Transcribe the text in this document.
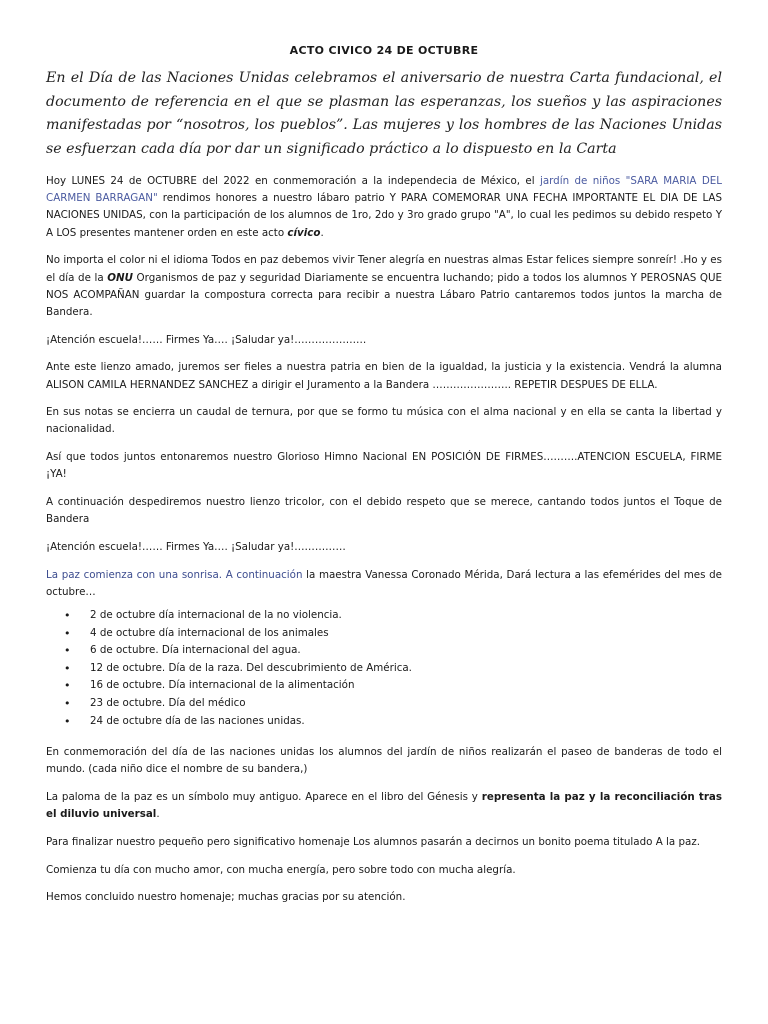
ACTO CIVICO 24 DE OCTUBRE

En el Día de las Naciones Unidas celebramos el aniversario de nuestra Carta fundacional, el documento de referencia en el que se plasman las esperanzas, los sueños y las aspiraciones manifestadas por “nosotros, los pueblos”. Las mujeres y los hombres de las Naciones Unidas se esfuerzan cada día por dar un significado práctico a lo dispuesto en la Carta

Hoy LUNES 24 de OCTUBRE del 2022 en conmemoración a la independecia de México, el jardín de niños "SARA MARIA DEL CARMEN BARRAGAN" rendimos honores a nuestro lábaro patrio Y PARA COMEMORAR UNA FECHA IMPORTANTE EL DIA DE LAS NACIONES UNIDAS, con la participación de los alumnos de 1ro, 2do y 3ro grado grupo "A", lo cual les pedimos su debido respeto Y A LOS presentes mantener orden en este acto cívico.

No importa el color ni el idioma Todos en paz debemos vivir Tener alegría en nuestras almas Estar felices siempre sonreír! .Ho y es el día de la ONU Organismos de paz y seguridad Diariamente se encuentra luchando; pido a todos los alumnos Y PEROSNAS QUE NOS ACOMPAÑAN guardar la compostura correcta para recibir a nuestra Lábaro Patrio cantaremos todos juntos la marcha de Bandera.

¡Atención escuela!…… Firmes Ya…. ¡Saludar ya!…………………

Ante este lienzo amado, juremos ser fieles a nuestra patria en bien de la igualdad, la justicia y la existencia. Vendrá la alumna ALISON CAMILA HERNANDEZ SANCHEZ a dirigir el Juramento a la Bandera ………………….. REPETIR DESPUES DE ELLA.

En sus notas se encierra un caudal de ternura, por que se formo tu música con el alma nacional y en ella se canta la libertad y nacionalidad.

Así que todos juntos entonaremos nuestro Glorioso Himno Nacional EN POSICIÓN DE FIRMES……….ATENCION ESCUELA, FIRME ¡YA!

A continuación despediremos nuestro lienzo tricolor, con el debido respeto que se merece, cantando todos juntos el Toque de Bandera

¡Atención escuela!…… Firmes Ya…. ¡Saludar ya!……………

La paz comienza con una sonrisa. A continuación la maestra Vanessa Coronado Mérida, Dará lectura a las efemérides del mes de octubre…

• 2 de octubre día internacional de la no violencia.
• 4 de octubre día internacional de los animales
• 6 de octubre. Día internacional del agua.
• 12 de octubre. Día de la raza. Del descubrimiento de América.
• 16 de octubre. Día internacional de la alimentación
• 23 de octubre. Día del médico
• 24 de octubre día de las naciones unidas.

En conmemoración del día de las naciones unidas los alumnos del jardín de niños realizarán el paseo de banderas de todo el mundo. (cada niño dice el nombre de su bandera,)

La paloma de la paz es un símbolo muy antiguo. Aparece en el libro del Génesis y representa la paz y la reconciliación tras el diluvio universal.

Para finalizar nuestro pequeño pero significativo homenaje Los alumnos pasarán a decirnos un bonito poema titulado A la paz.

Comienza tu día con mucho amor, con mucha energía, pero sobre todo con mucha alegría.

Hemos concluido nuestro homenaje; muchas gracias por su atención.
